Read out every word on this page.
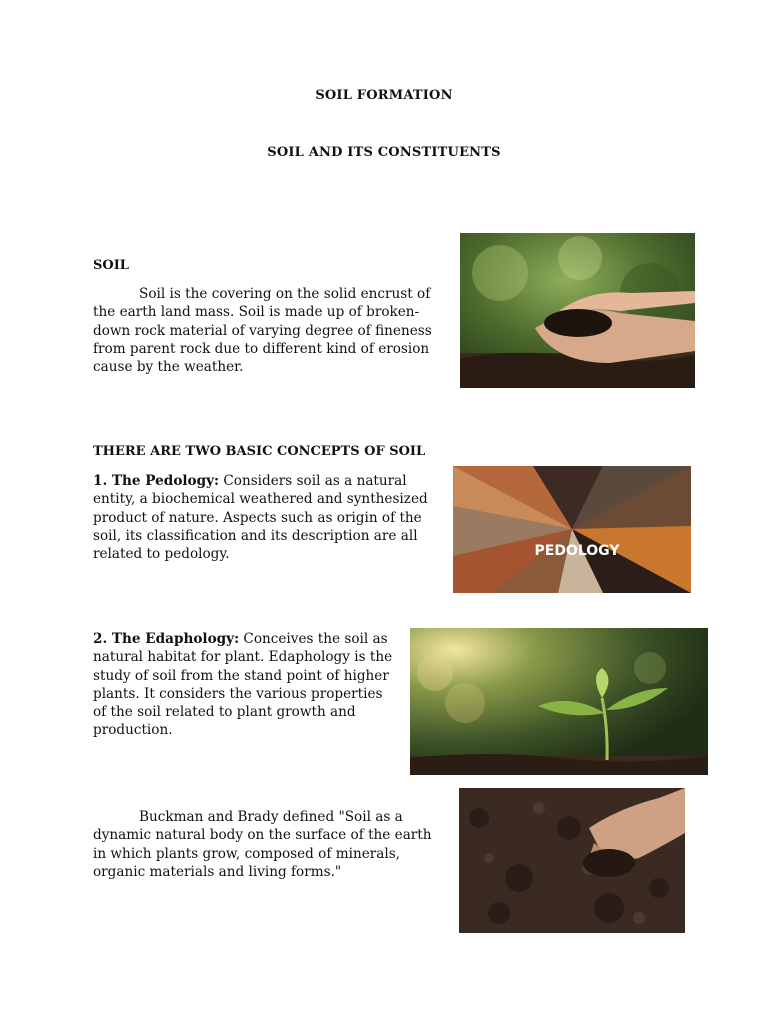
SOIL FORMATION
SOIL AND ITS CONSTITUENTS
SOIL
Soil is the covering on the solid encrust of the earth land mass. Soil is made up of broken-down rock material of varying degree of fineness from parent rock due to different kind of erosion cause by the weather.
THERE ARE TWO BASIC CONCEPTS OF SOIL
1. The Pedology: Considers soil as a natural entity, a biochemical weathered and synthesized product of nature. Aspects such as origin of the soil, its classification and its description are all related to pedology.	PEDOLOGY
2. The Edaphology: Conceives the soil as natural habitat for plant. Edaphology is the study of soil from the stand point of higher plants. It considers the various properties of the soil related to plant growth and production.
Buckman and Brady defined "Soil as a dynamic natural body on the surface of the earth in which plants grow, composed of minerals, organic materials and living forms."
